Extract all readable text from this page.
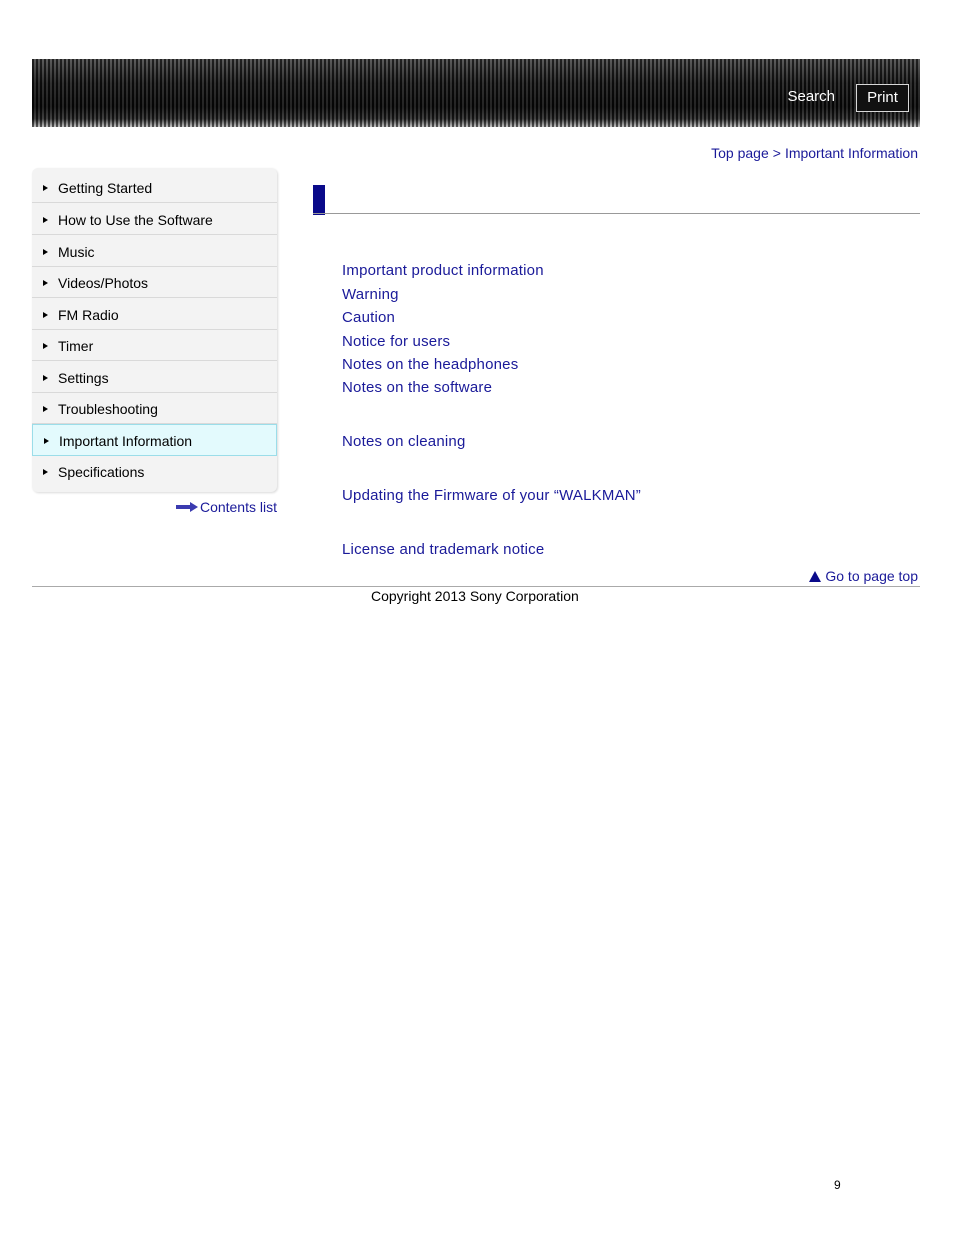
Search	Print
Top page > Important Information
Getting Started
How to Use the Software
Music
Videos/Photos
FM Radio
Timer
Settings
Troubleshooting
Important Information
Specifications
Contents list
Important product information
Warning
Caution
Notice for users
Notes on the headphones
Notes on the software
Notes on cleaning
Updating the Firmware of your “WALKMAN”
License and trademark notice
Go to page top
Copyright 2013 Sony Corporation
9
